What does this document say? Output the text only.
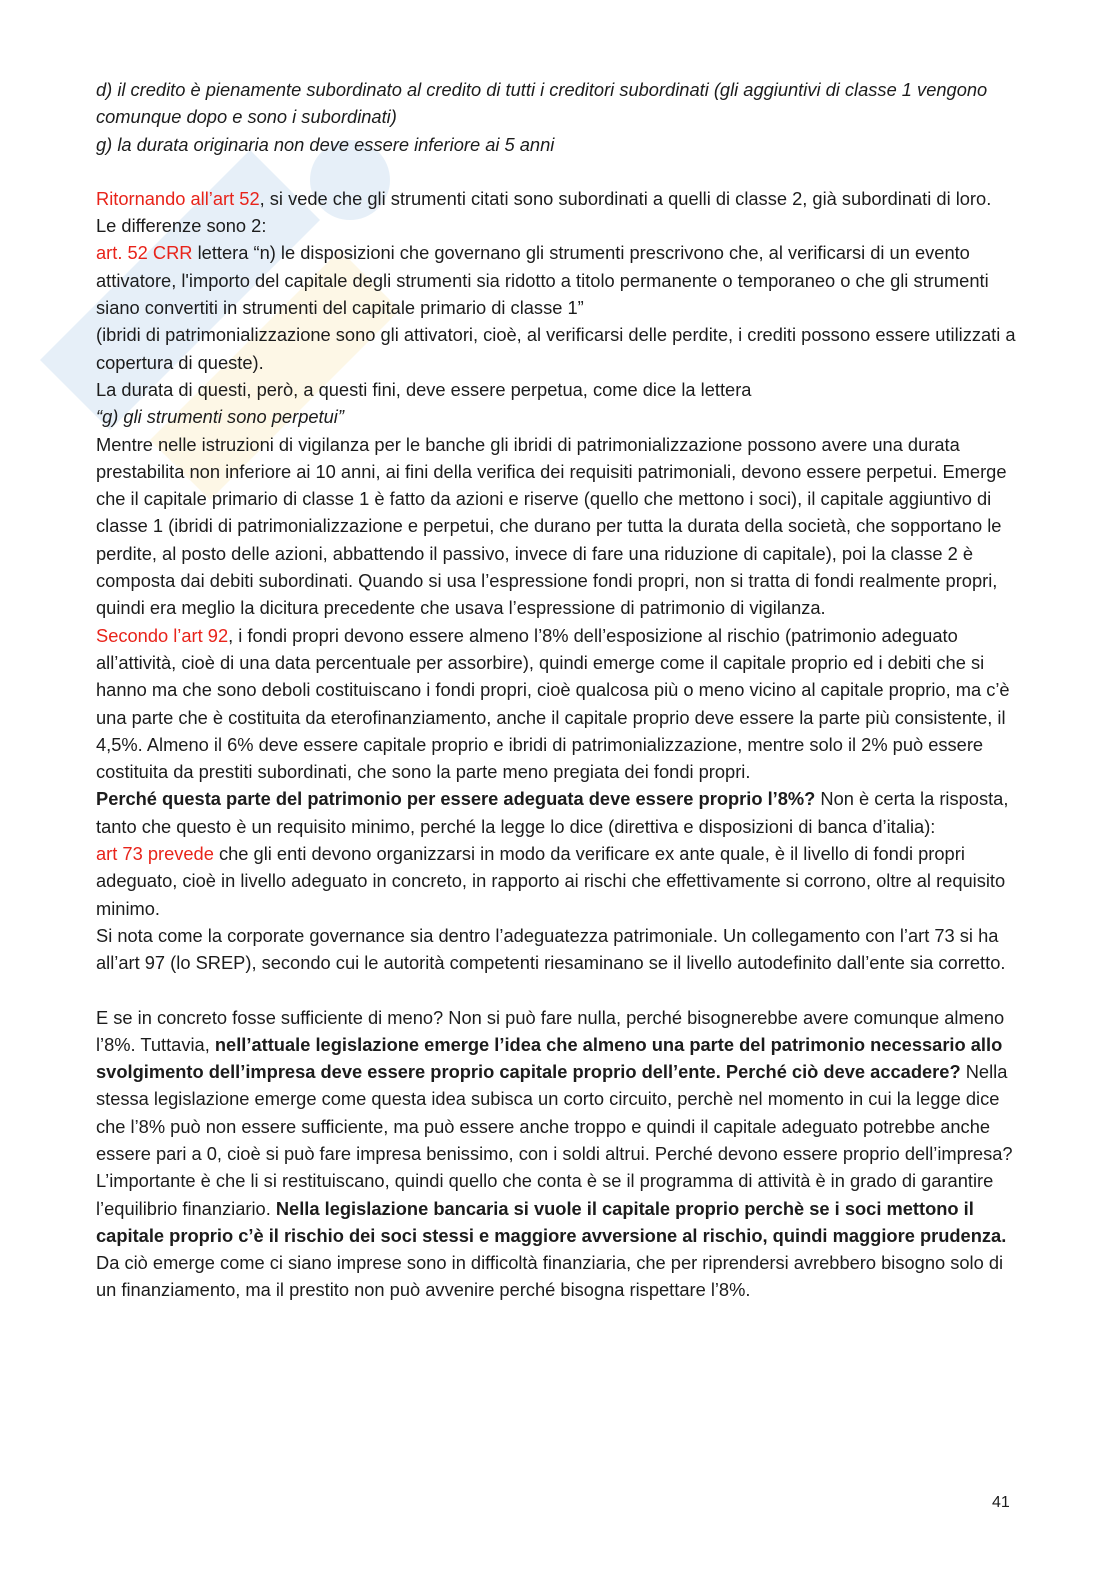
d) il credito è pienamente subordinato al credito di tutti i creditori subordinati (gli aggiuntivi di classe 1 vengono comunque dopo e sono i subordinati)

g) la durata originaria non deve essere inferiore ai 5 anni

Ritornando all’art 52, si vede che gli strumenti citati sono subordinati a quelli di classe 2, già subordinati di loro. Le differenze sono 2:

art. 52 CRR lettera “n) le disposizioni che governano gli strumenti prescrivono che, al verificarsi di un evento attivatore, l'importo del capitale degli strumenti sia ridotto a titolo permanente o temporaneo o che gli strumenti siano convertiti in strumenti del capitale primario di classe 1”

(ibridi di patrimonializzazione sono gli attivatori, cioè, al verificarsi delle perdite, i crediti possono essere utilizzati a copertura di queste).

La durata di questi, però, a questi fini, deve essere perpetua, come dice la lettera

“g) gli strumenti sono perpetui”

Mentre nelle istruzioni di vigilanza per le banche gli ibridi di patrimonializzazione possono avere una durata prestabilita non inferiore ai 10 anni, ai fini della verifica dei requisiti patrimoniali, devono essere perpetui. Emerge che il capitale primario di classe 1 è fatto da azioni e riserve (quello che mettono i soci), il capitale aggiuntivo di classe 1 (ibridi di patrimonializzazione e perpetui, che durano per tutta la durata della società, che sopportano le perdite, al posto delle azioni, abbattendo il passivo, invece di fare una riduzione di capitale), poi la classe 2 è composta dai debiti subordinati. Quando si usa l’espressione fondi propri, non si tratta di fondi realmente propri, quindi era meglio la dicitura precedente che usava l’espressione di patrimonio di vigilanza.

Secondo l’art 92, i fondi propri devono essere almeno l’8% dell’esposizione al rischio (patrimonio adeguato all’attività, cioè di una data percentuale per assorbire), quindi emerge come il capitale proprio ed i debiti che si hanno ma che sono deboli costituiscano i fondi propri, cioè qualcosa più o meno vicino al capitale proprio, ma c’è una parte che è costituita da eterofinanziamento, anche il capitale proprio deve essere la parte più consistente, il 4,5%. Almeno il 6% deve essere capitale proprio e ibridi di patrimonializzazione, mentre solo il 2% può essere costituita da prestiti subordinati, che sono la parte meno pregiata dei fondi propri.

Perché questa parte del patrimonio per essere adeguata deve essere proprio l’8%? Non è certa la risposta, tanto che questo è un requisito minimo, perché la legge lo dice (direttiva e disposizioni di banca d’italia):

art 73 prevede che gli enti devono organizzarsi in modo da verificare ex ante quale, è il livello di fondi propri adeguato, cioè in livello adeguato in concreto, in rapporto ai rischi che effettivamente si corrono, oltre al requisito minimo.

Si nota come la corporate governance sia dentro l’adeguatezza patrimoniale. Un collegamento con l’art 73 si ha all’art 97 (lo SREP), secondo cui le autorità competenti riesaminano se il livello autodefinito dall’ente sia corretto.

E se in concreto fosse sufficiente di meno? Non si può fare nulla, perché bisognerebbe avere comunque almeno l’8%. Tuttavia, nell’attuale legislazione emerge l’idea che almeno una parte del patrimonio necessario allo svolgimento dell’impresa deve essere proprio capitale proprio dell’ente. Perché ciò deve accadere? Nella stessa legislazione emerge come questa idea subisca un corto circuito, perchè nel momento in cui la legge dice che l’8% può non essere sufficiente, ma può essere anche troppo e quindi il capitale adeguato potrebbe anche essere pari a 0, cioè si può fare impresa benissimo, con i soldi altrui. Perché devono essere proprio dell’impresa? L’importante è che li si restituiscano, quindi quello che conta è se il programma di attività è in grado di garantire l’equilibrio finanziario. Nella legislazione bancaria si vuole il capitale proprio perchè se i soci mettono il capitale proprio c’è il rischio dei soci stessi e maggiore avversione al rischio, quindi maggiore prudenza. Da ciò emerge come ci siano imprese sono in difficoltà finanziaria, che per riprendersi avrebbero bisogno solo di un finanziamento, ma il prestito non può avvenire perché bisogna rispettare l’8%.

41
